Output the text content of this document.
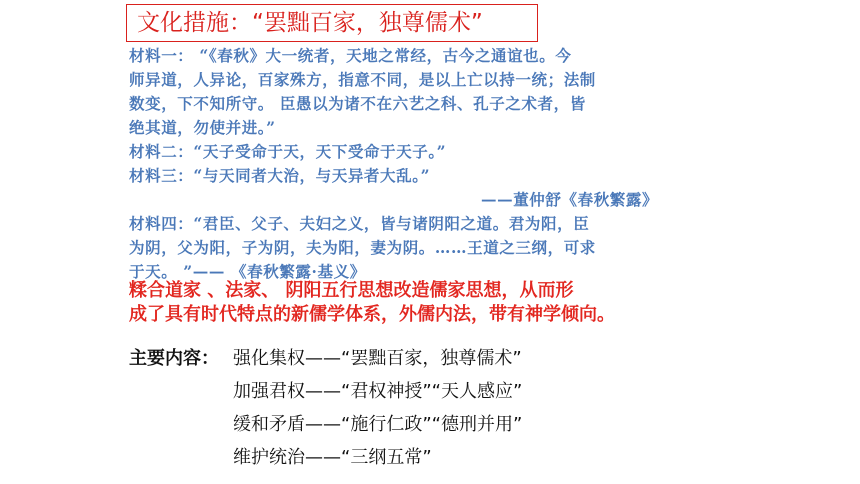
文化措施：“罢黜百家，独尊儒术”
材料一： “《春秋》大一统者，天地之常经，古今之通谊也。今
师异道，人异论，百家殊方，指意不同，是以上亡以持一统；法制
数变，下不知所守。 臣愚以为诸不在六艺之科、孔子之术者，皆
绝其道，勿使并进。”
材料二：“天子受命于天，天下受命于天子。”
材料三：“与天同者大治，与天异者大乱。”
——董仲舒《春秋繁露》
材料四：“君臣、父子、夫妇之义，皆与诸阴阳之道。君为阳，臣
为阴，父为阳，子为阴，夫为阳，妻为阴。……王道之三纲，可求
于天。 ”—— 《春秋繁露·基义》
糅合道家 、法家、 阴阳五行思想改造儒家思想，从而形
成了具有时代特点的新儒学体系，外儒内法，带有神学倾向。
主要内容： 强化集权——“罢黜百家，独尊儒术”
加强君权——“君权神授”“天人感应”
缓和矛盾——“施行仁政”“德刑并用”
维护统治——“三纲五常”
